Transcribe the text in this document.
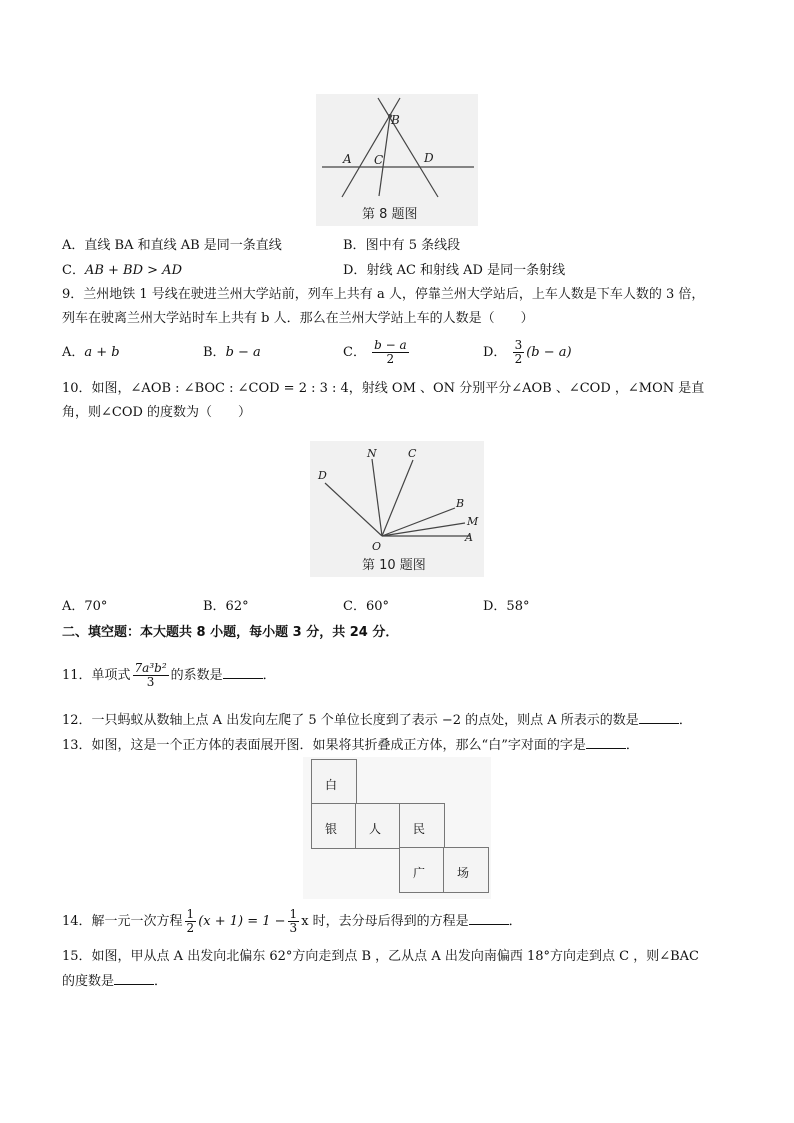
B
A C	D
第 8 题图
A．直线 BA 和直线 AB 是同一条直线	B．图中有 5 条线段
C．AB + BD > AD	D．射线 AC 和射线 AD 是同一条射线
9．兰州地铁 1 号线在驶进兰州大学站前，列车上共有 a 人，停靠兰州大学站后，上车人数是下车人数的 3 倍，
列车在驶离兰州大学站时车上共有 b 人．那么在兰州大学站上车的人数是（　　）
A．a + b	B．b − a	C． $\frac{b - a}{2}$	D． $\frac{3}{2} (b - a)$
10．如图，∠AOB : ∠BOC : ∠COD = 2 : 3 : 4，射线 OM 、ON 分别平分∠AOB 、∠COD ，∠MON 是直
角，则∠COD 的度数为（　　）
N	C
D
B
M
A
O
第 10 题图
A．70°	B．62°	C．60°	D．58°
二、填空题：本大题共 8 小题，每小题 3 分，共 24 分．
11．单项式 $\frac{\text{7a³b²}}{3}$ 的系数是	．
12．一只蚂蚁从数轴上点 A 出发向左爬了 5 个单位长度到了表示 −2 的点处，则点 A 所表示的数是	．
13．如图，这是一个正方体的表面展开图．如果将其折叠成正方体，那么“白”字对面的字是	．
白
银	人	民
广	场
14．解一元一次方程 $\frac{1}{2} (x + 1) = 1 - \frac{1}{3}$ x 时，去分母后得到的方程是	．
15．如图，甲从点 A 出发向北偏东 62°方向走到点 B ，乙从点 A 出发向南偏西 18°方向走到点 C ，则∠BAC
的度数是	．
